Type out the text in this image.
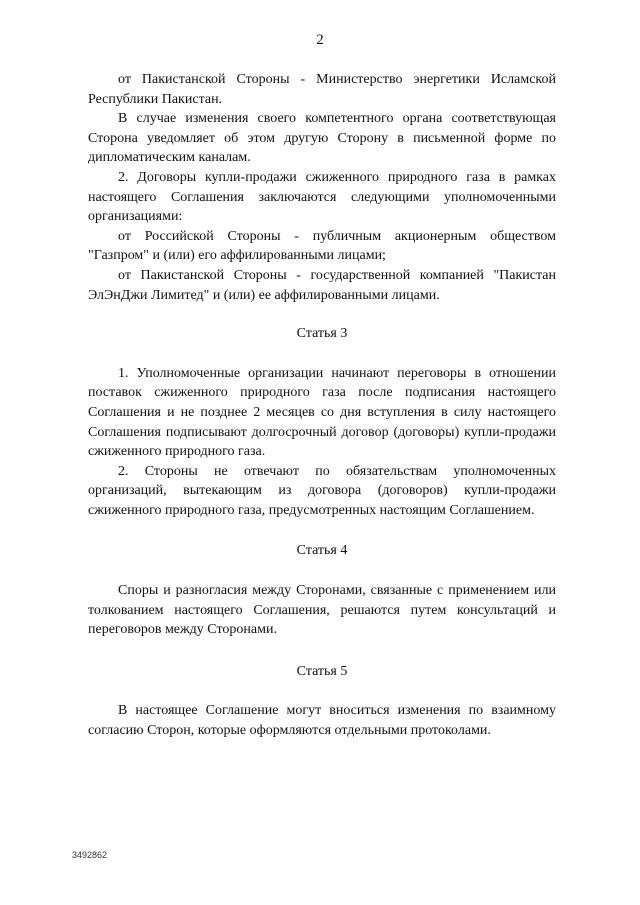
2

от Пакистанской Стороны - Министерство энергетики Исламской Республики Пакистан.

В случае изменения своего компетентного органа соответствующая Сторона уведомляет об этом другую Сторону в письменной форме по дипломатическим каналам.

2. Договоры купли-продажи сжиженного природного газа в рамках настоящего Соглашения заключаются следующими уполномоченными организациями:

от Российской Стороны - публичным акционерным обществом "Газпром" и (или) его аффилированными лицами;

от Пакистанской Стороны - государственной компанией "Пакистан ЭлЭнДжи Лимитед" и (или) ее аффилированными лицами.

Статья 3

1. Уполномоченные организации начинают переговоры в отношении поставок сжиженного природного газа после подписания настоящего Соглашения и не позднее 2 месяцев со дня вступления в силу настоящего Соглашения подписывают долгосрочный договор (договоры) купли-продажи сжиженного природного газа.

2. Стороны не отвечают по обязательствам уполномоченных организаций, вытекающим из договора (договоров) купли-продажи сжиженного природного газа, предусмотренных настоящим Соглашением.

Статья 4

Споры и разногласия между Сторонами, связанные с применением или толкованием настоящего Соглашения, решаются путем консультаций и переговоров между Сторонами.

Статья 5

В настоящее Соглашение могут вноситься изменения по взаимному согласию Сторон, которые оформляются отдельными протоколами.

3492862
